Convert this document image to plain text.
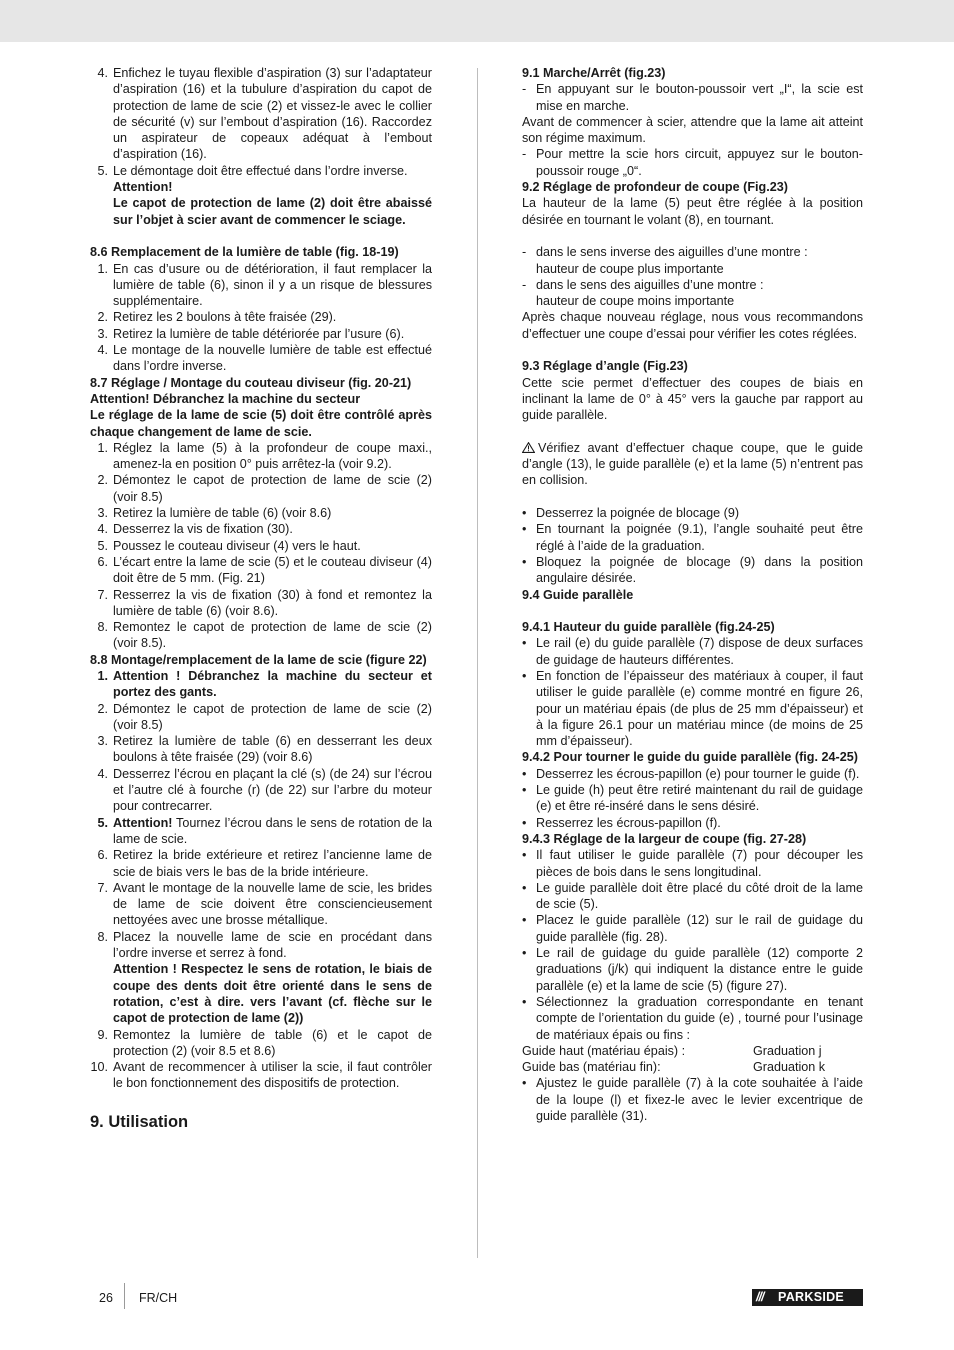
4. Enfichez le tuyau flexible d’aspiration (3) sur l’adaptateur d’aspiration (16) et la tubulure d’aspiration du capot de protection de lame de scie (2) et vissez-le avec le collier de sécurité (v) sur l’embout d’aspiration (16). Raccordez un aspirateur de copeaux adéquat à l’embout d’aspiration (16).
5. Le démontage doit être effectué dans l’ordre inverse.
Attention!
Le capot de protection de lame (2) doit être abaissé sur l’objet à scier avant de commencer le sciage.
8.6 Remplacement de la lumière de table (fig. 18-19)
1. En cas d’usure ou de détérioration, il faut remplacer la lumière de table (6), sinon il y a un risque de blessures supplémentaire.
2. Retirez les 2 boulons à tête fraisée (29).
3. Retirez la lumière de table détériorée par l’usure (6).
4. Le montage de la nouvelle lumière de table est effectué dans l’ordre inverse.
8.7 Réglage / Montage du couteau diviseur (fig. 20-21)
Attention! Débranchez la machine du secteur
Le réglage de la lame de scie (5) doit être contrôlé après chaque changement de lame de scie.
1. Réglez la lame (5) à la profondeur de coupe maxi., amenez-la en position 0° puis arrêtez-la (voir 9.2).
2. Démontez le capot de protection de lame de scie (2) (voir 8.5)
3. Retirez la lumière de table (6) (voir 8.6)
4. Desserrez la vis de fixation (30).
5. Poussez le couteau diviseur (4) vers le haut.
6. L’écart entre la lame de scie (5) et le couteau diviseur (4) doit être de 5 mm. (Fig. 21)
7. Resserrez la vis de fixation (30) à fond et remontez la lumière de table (6) (voir 8.6).
8. Remontez le capot de protection de lame de scie (2) (voir 8.5).
8.8 Montage/remplacement de la lame de scie (figure 22)
1. Attention ! Débranchez la machine du secteur et portez des gants.
2. Démontez le capot de protection de lame de scie (2) (voir 8.5)
3. Retirez la lumière de table (6) en desserrant les deux boulons à tête fraisée (29) (voir 8.6)
4. Desserrez l’écrou en plaçant la clé (s) (de 24) sur l’écrou et l’autre clé à fourche (r) (de 22) sur l’arbre du moteur pour contrecarrer.
5. Attention! Tournez l’écrou dans le sens de rotation de la lame de scie.
6. Retirez la bride extérieure et retirez l’ancienne lame de scie de biais vers le bas de la bride intérieure.
7. Avant le montage de la nouvelle lame de scie, les brides de lame de scie doivent être consciencieusement nettoyées avec une brosse métallique.
8. Placez la nouvelle lame de scie en procédant dans l’ordre inverse et serrez à fond.
Attention ! Respectez le sens de rotation, le biais de coupe des dents doit être orienté dans le sens de rotation, c’est à dire. vers l’avant (cf. flèche sur le capot de protection de lame (2))
9. Remontez la lumière de table (6) et le capot de protection (2) (voir 8.5 et 8.6)
10. Avant de recommencer à utiliser la scie, il faut contrôler le bon fonctionnement des dispositifs de protection.
9. Utilisation
9.1 Marche/Arrêt (fig.23)
- En appuyant sur le bouton-poussoir vert „I“, la scie est mise en marche.
Avant de commencer à scier, attendre que la lame ait atteint son régime maximum.
- Pour mettre la scie hors circuit, appuyez sur le bouton-poussoir rouge „0“.
9.2 Réglage de profondeur de coupe (Fig.23)
La hauteur de la lame (5) peut être réglée à la position désirée en tournant le volant (8), en tournant.
- dans le sens inverse des aiguilles d’une montre :
hauteur de coupe plus importante
- dans le sens des aiguilles d’une montre :
hauteur de coupe moins importante
Après chaque nouveau réglage, nous vous recommandons d’effectuer une coupe d’essai pour vérifier les cotes réglées.
9.3 Réglage d’angle (Fig.23)
Cette scie permet d’effectuer des coupes de biais en inclinant la lame de 0° à 45° vers la gauche par rapport au guide parallèle.
Vérifiez avant d’effectuer chaque coupe, que le guide d’angle (13), le guide parallèle (e) et la lame (5) n’entrent pas en collision.
• Desserrez la poignée de blocage (9)
• En tournant la poignée (9.1), l’angle souhaité peut être réglé à l’aide de la graduation.
• Bloquez la poignée de blocage (9) dans la position angulaire désirée.
9.4 Guide parallèle
9.4.1 Hauteur du guide parallèle (fig.24-25)
• Le rail (e) du guide parallèle (7) dispose de deux surfaces de guidage de hauteurs différentes.
• En fonction de l’épaisseur des matériaux à couper, il faut utiliser le guide parallèle (e) comme montré en figure 26, pour un matériau épais (de plus de 25 mm d’épaisseur) et à la figure 26.1 pour un matériau mince (de moins de 25 mm d’épaisseur).
9.4.2 Pour tourner le guide du guide parallèle (fig. 24-25)
• Desserrez les écrous-papillon (e) pour tourner le guide (f).
• Le guide (h) peut être retiré maintenant du rail de guidage (e) et être ré-inséré dans le sens désiré.
• Resserrez les écrous-papillon (f).
9.4.3 Réglage de la largeur de coupe (fig. 27-28)
• Il faut utiliser le guide parallèle (7) pour découper les pièces de bois dans le sens longitudinal.
• Le guide parallèle doit être placé du côté droit de la lame de scie (5).
• Placez le guide parallèle (12) sur le rail de guidage du guide parallèle (fig. 28).
• Le rail de guidage du guide parallèle (12) comporte 2 graduations (j/k) qui indiquent la distance entre le guide parallèle (e) et la lame de scie (5) (figure 27).
• Sélectionnez la graduation correspondante en tenant compte de l’orientation du guide (e) , tourné pour l’usinage de matériaux épais ou fins :
Guide haut (matériau épais) :	Graduation j
Guide bas (matériau fin):	Graduation k
• Ajustez le guide parallèle (7) à la cote souhaitée à l’aide de la loupe (l) et fixez-le avec le levier excentrique de guide parallèle (31).
26 FR/CH	/// PARKSIDE
